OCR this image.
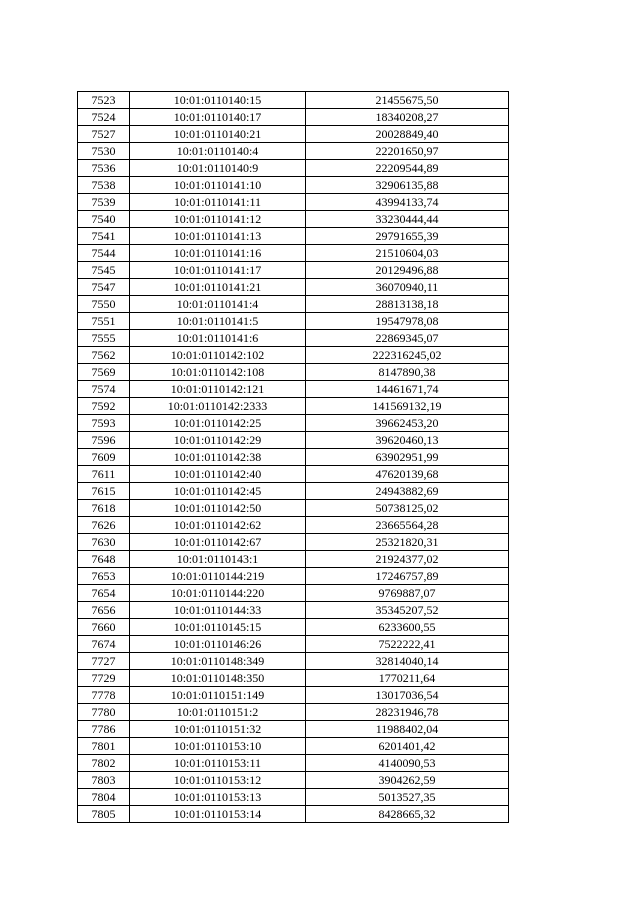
7523	10:01:0110140:15	21455675,50
7524	10:01:0110140:17	18340208,27
7527	10:01:0110140:21	20028849,40
7530	10:01:0110140:4	22201650,97
7536	10:01:0110140:9	22209544,89
7538	10:01:0110141:10	32906135,88
7539	10:01:0110141:11	43994133,74
7540	10:01:0110141:12	33230444,44
7541	10:01:0110141:13	29791655,39
7544	10:01:0110141:16	21510604,03
7545	10:01:0110141:17	20129496,88
7547	10:01:0110141:21	36070940,11
7550	10:01:0110141:4	28813138,18
7551	10:01:0110141:5	19547978,08
7555	10:01:0110141:6	22869345,07
7562	10:01:0110142:102	222316245,02
7569	10:01:0110142:108	8147890,38
7574	10:01:0110142:121	14461671,74
7592	10:01:0110142:2333	141569132,19
7593	10:01:0110142:25	39662453,20
7596	10:01:0110142:29	39620460,13
7609	10:01:0110142:38	63902951,99
7611	10:01:0110142:40	47620139,68
7615	10:01:0110142:45	24943882,69
7618	10:01:0110142:50	50738125,02
7626	10:01:0110142:62	23665564,28
7630	10:01:0110142:67	25321820,31
7648	10:01:0110143:1	21924377,02
7653	10:01:0110144:219	17246757,89
7654	10:01:0110144:220	9769887,07
7656	10:01:0110144:33	35345207,52
7660	10:01:0110145:15	6233600,55
7674	10:01:0110146:26	7522222,41
7727	10:01:0110148:349	32814040,14
7729	10:01:0110148:350	1770211,64
7778	10:01:0110151:149	13017036,54
7780	10:01:0110151:2	28231946,78
7786	10:01:0110151:32	11988402,04
7801	10:01:0110153:10	6201401,42
7802	10:01:0110153:11	4140090,53
7803	10:01:0110153:12	3904262,59
7804	10:01:0110153:13	5013527,35
7805	10:01:0110153:14	8428665,32
